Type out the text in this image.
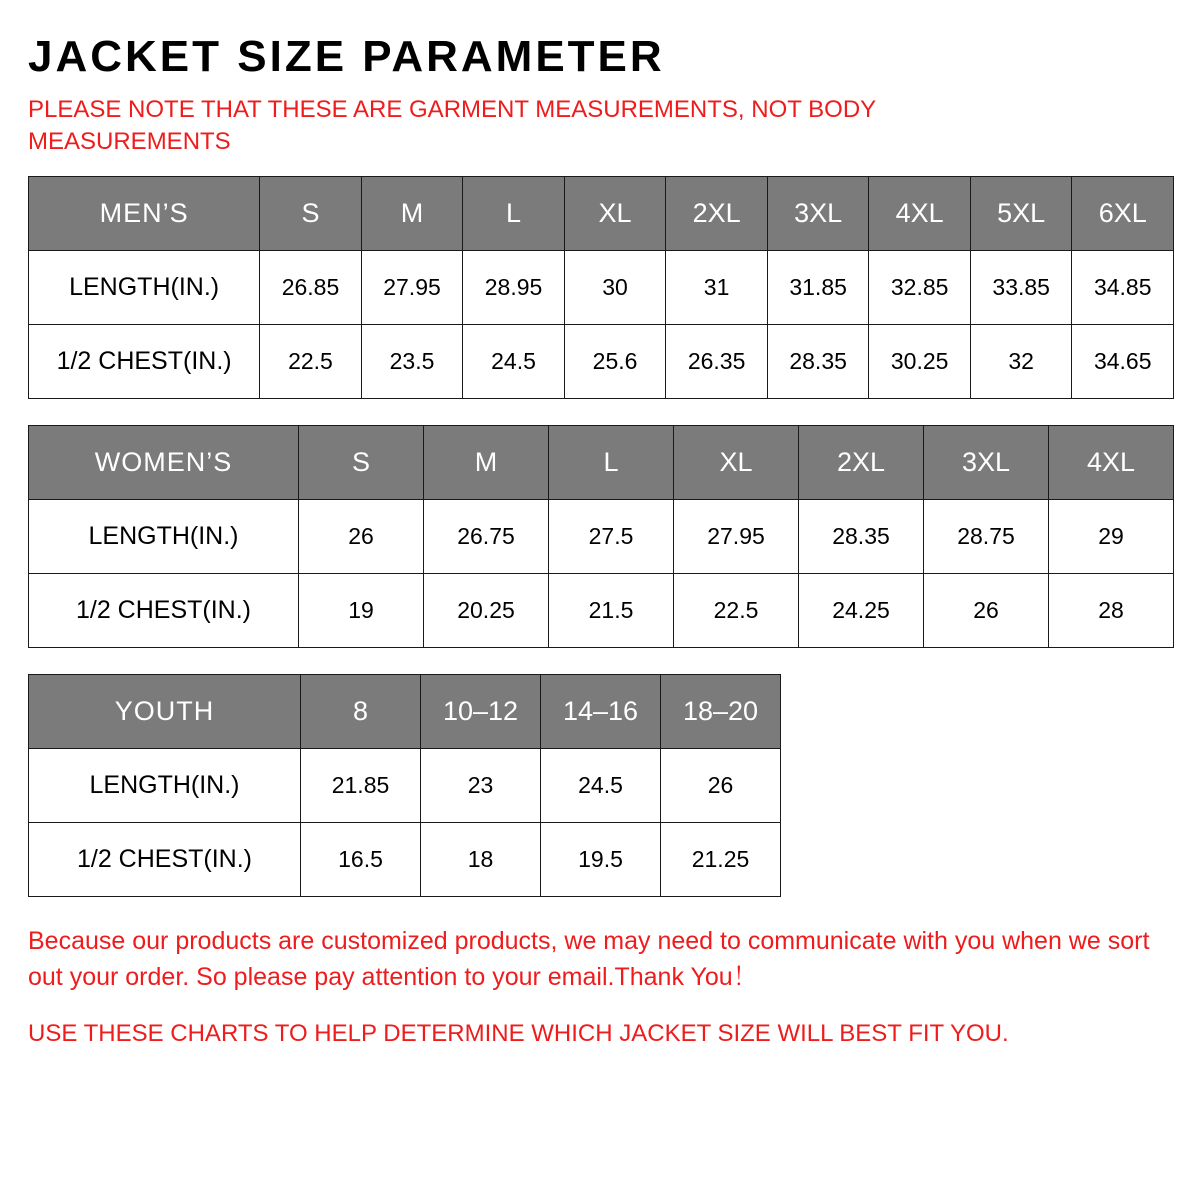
JACKET SIZE PARAMETER
PLEASE NOTE THAT THESE ARE GARMENT MEASUREMENTS, NOT BODY MEASUREMENTS
MEN’S	S	M	L	XL	2XL	3XL	4XL	5XL	6XL
LENGTH(IN.)	26.85	27.95	28.95	30	31	31.85	32.85	33.85	34.85
1/2 CHEST(IN.)	22.5	23.5	24.5	25.6	26.35	28.35	30.25	32	34.65
WOMEN’S	S	M	L	XL	2XL	3XL	4XL
LENGTH(IN.)	26	26.75	27.5	27.95	28.35	28.75	29
1/2 CHEST(IN.)	19	20.25	21.5	22.5	24.25	26	28
YOUTH	8	10–12	14–16	18–20
LENGTH(IN.)	21.85	23	24.5	26
1/2 CHEST(IN.)	16.5	18	19.5	21.25
Because our products are customized products, we may need to communicate with you when we sort out your order. So please pay attention to your email.Thank You！
USE THESE CHARTS TO HELP DETERMINE WHICH JACKET SIZE WILL BEST FIT YOU.
